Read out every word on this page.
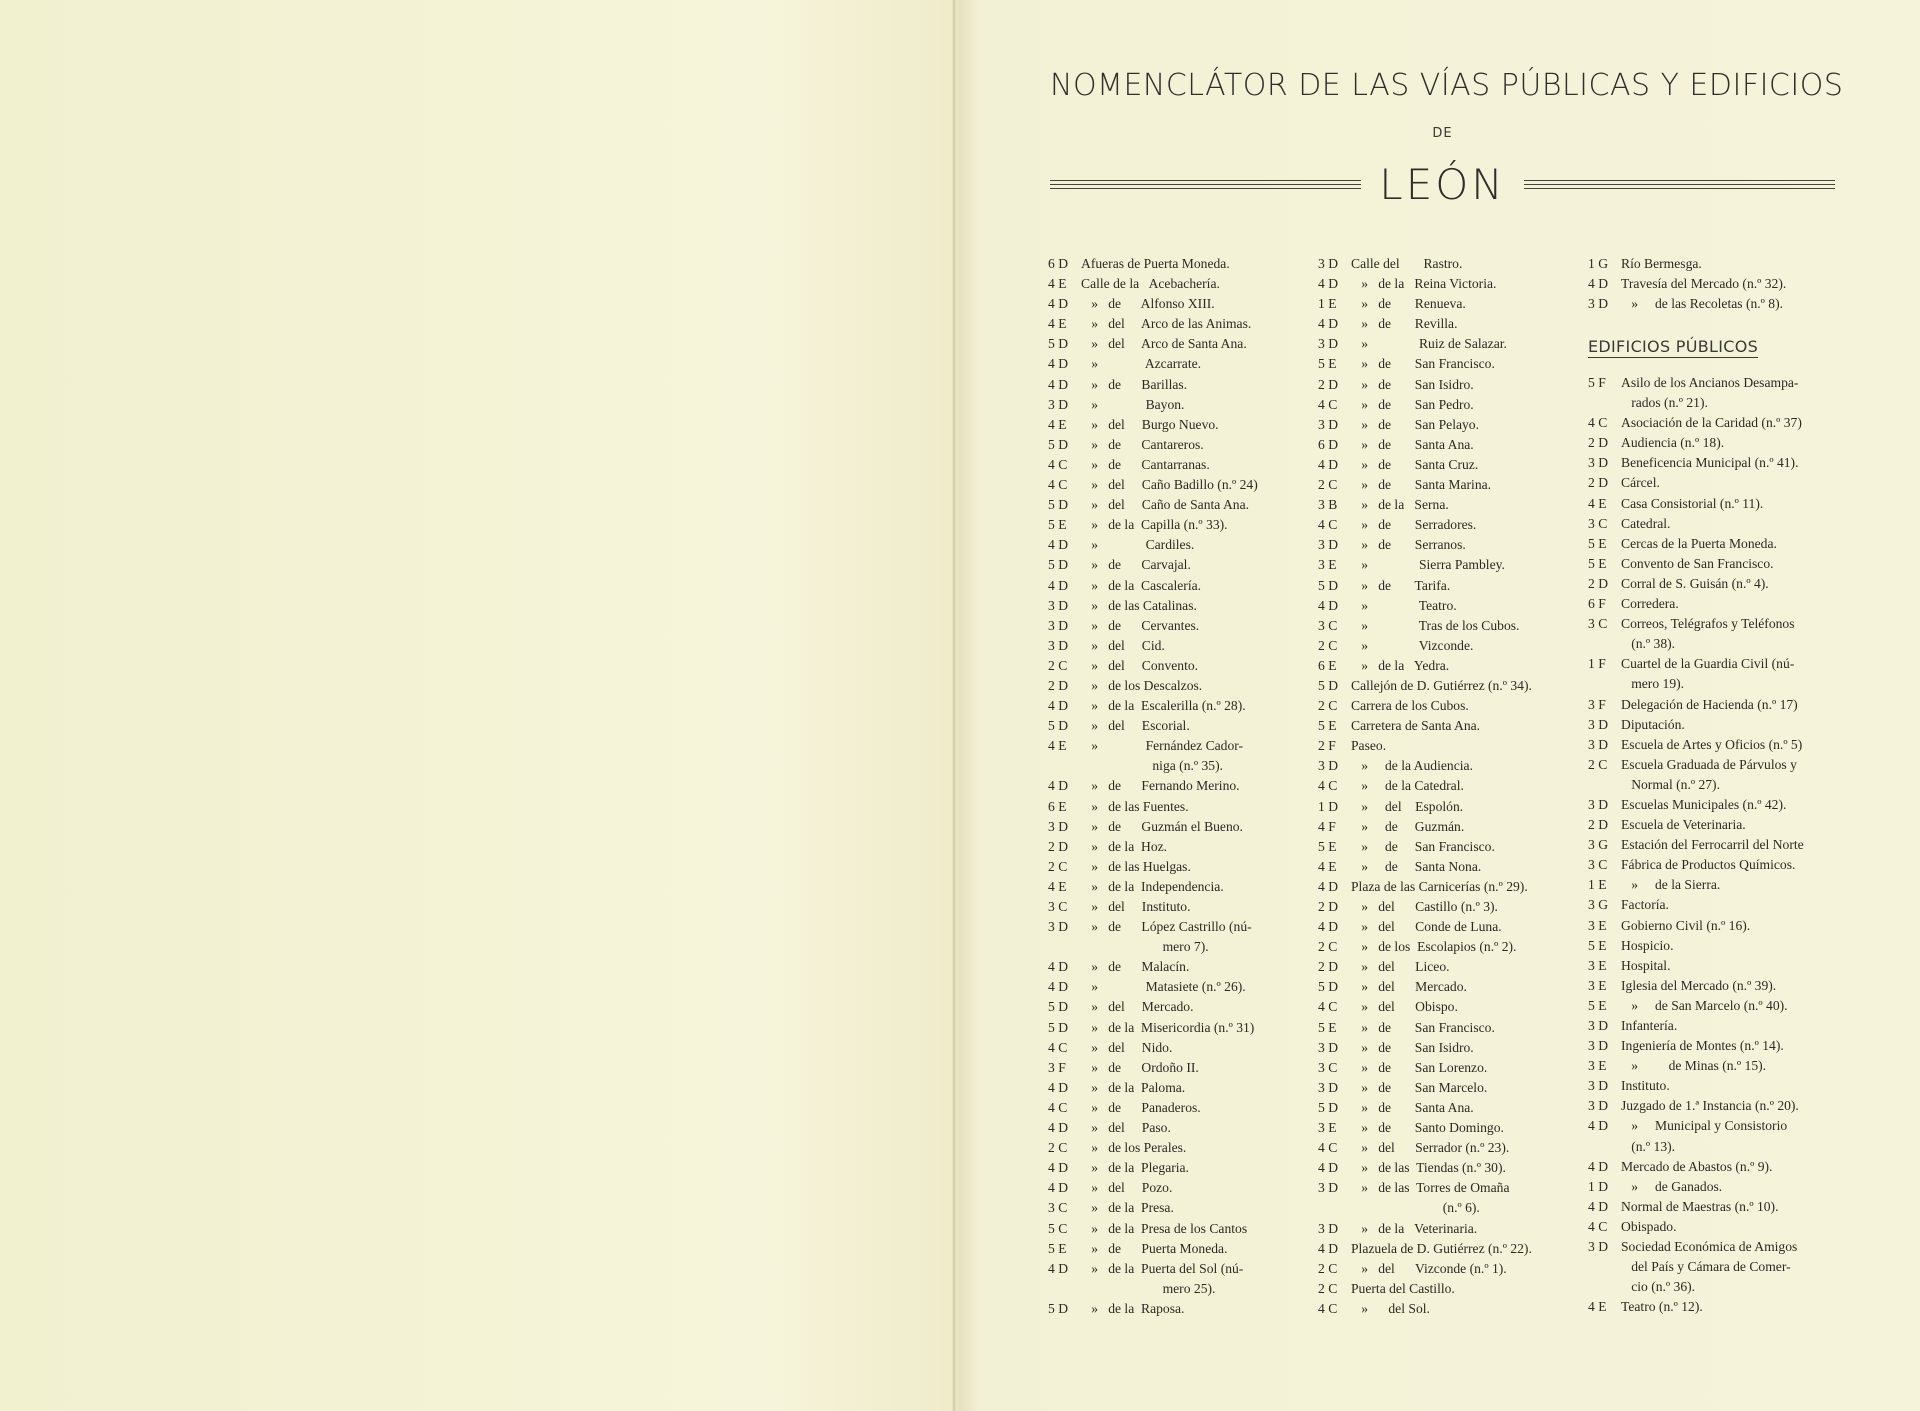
NOMENCLÁTOR DE LAS VÍAS PÚBLICAS Y EDIFICIOS
DE
LEÓN
6 D Afueras de Puerta Moneda.
4 E	Calle de la   Acebachería.
4 D »   de      Alfonso XIII.
4 E	»   del     Arco de las Animas.
5 D »   del     Arco de Santa Ana.
4 D »              Azcarrate.
4 D »   de      Barillas.
3 D »              Bayon.
4 E	»   del     Burgo Nuevo.
5 D »   de      Cantareros.
4 C	»   de      Cantarranas.
4 C	»   del     Caño Badillo (n.º 24)
5 D »   del     Caño de Santa Ana.
5 E	»   de la  Capilla (n.º 33).
4 D »              Cardiles.
5 D »   de      Carvajal.
4 D »   de la  Cascalería.
3 D »   de las Catalinas.
3 D »   de      Cervantes.
3 D »   del     Cid.
2 C	»   del     Convento.
2 D »   de los Descalzos.
4 D »   de la  Escalerilla (n.º 28).
5 D »   del     Escorial.
4 E	»              Fernández Cador-
niga (n.º 35).
4 D »   de      Fernando Merino.
6 E	»   de las Fuentes.
3 D »   de      Guzmán el Bueno.
2 D »   de la  Hoz.
2 C	»   de las Huelgas.
4 E	»   de la  Independencia.
3 C	»   del     Instituto.
3 D »   de      López Castrillo (nú-
mero 7).
4 D »   de      Malacín.
4 D »              Matasiete (n.º 26).
5 D »   del     Mercado.
5 D »   de la  Misericordia (n.º 31)
4 C	»   del     Nido.
3 F	»   de      Ordoño II.
4 D »   de la  Paloma.
4 C	»   de      Panaderos.
4 D »   del     Paso.
2 C	»   de los Perales.
4 D »   de la  Plegaria.
4 D »   del     Pozo.
3 C	»   de la  Presa.
5 C	»   de la  Presa de los Cantos
5 E	»   de      Puerta Moneda.
4 D »   de la  Puerta del Sol (nú-
mero 25).
5 D »   de la  Raposa.
3 D Calle del       Rastro.
4 D »   de la   Reina Victoria.
1 E	»   de       Renueva.
4 D »   de       Revilla.
3 D »               Ruiz de Salazar.
5 E	»   de       San Francisco.
2 D »   de       San Isidro.
4 C	»   de       San Pedro.
3 D »   de       San Pelayo.
6 D »   de       Santa Ana.
4 D »   de       Santa Cruz.
2 C	»   de       Santa Marina.
3 B	»   de la   Serna.
4 C	»   de       Serradores.
3 D »   de       Serranos.
3 E	»               Sierra Pambley.
5 D »   de       Tarifa.
4 D »               Teatro.
3 C	»               Tras de los Cubos.
2 C	»               Vizconde.
6 E	»   de la   Yedra.
5 D Callejón de D. Gutiérrez (n.º 34).
2 C	Carrera de los Cubos.
5 E	Carretera de Santa Ana.
2 F	Paseo.
3 D »     de la Audiencia.
4 C	»     de la Catedral.
1 D »     del    Espolón.
4 F	»     de     Guzmán.
5 E	»     de     San Francisco.
4 E	»     de     Santa Nona.
4 D Plaza de las Carnicerías (n.º 29).
2 D »   del      Castillo (n.º 3).
4 D »   del      Conde de Luna.
2 C	»   de los  Escolapios (n.º 2).
2 D »   del      Liceo.
5 D »   del      Mercado.
4 C	»   del      Obispo.
5 E	»   de       San Francisco.
3 D »   de       San Isidro.
3 C	»   de       San Lorenzo.
3 D »   de       San Marcelo.
5 D »   de       Santa Ana.
3 E	»   de       Santo Domingo.
4 C	»   del      Serrador (n.º 23).
4 D »   de las  Tiendas (n.º 30).
3 D »   de las  Torres de Omaña
(n.º 6).
3 D »   de la   Veterinaria.
4 D Plazuela de D. Gutiérrez (n.º 22).
2 C	»   del      Vizconde (n.º 1).
2 C	Puerta del Castillo.
4 C	»      del Sol.
1 G Río Bermesga.
4 D Travesía del Mercado (n.º 32).
3 D »     de las Recoletas (n.º 8).
EDIFICIOS PÚBLICOS
5 F	Asilo de los Ancianos Desampa-
rados (n.º 21).
4 C	Asociación de la Caridad (n.º 37)
2 D Audiencia (n.º 18).
3 D Beneficencia Municipal (n.º 41).
2 D Cárcel.
4 E	Casa Consistorial (n.º 11).
3 C	Catedral.
5 E	Cercas de la Puerta Moneda.
5 E	Convento de San Francisco.
2 D Corral de S. Guisán (n.º 4).
6 F	Corredera.
3 C	Correos, Telégrafos y Teléfonos
(n.º 38).
1 F	Cuartel de la Guardia Civil (nú-
mero 19).
3 F	Delegación de Hacienda (n.º 17)
3 D Diputación.
3 D Escuela de Artes y Oficios (n.º 5)
2 C	Escuela Graduada de Párvulos y
Normal (n.º 27).
3 D Escuelas Municipales (n.º 42).
2 D Escuela de Veterinaria.
3 G Estación del Ferrocarril del Norte
3 C	Fábrica de Productos Químicos.
1 E	»     de la Sierra.
3 G Factoría.
3 E	Gobierno Civil (n.º 16).
5 E	Hospicio.
3 E	Hospital.
3 E	Iglesia del Mercado (n.º 39).
5 E	»     de San Marcelo (n.º 40).
3 D Infantería.
3 D Ingeniería de Montes (n.º 14).
3 E	»         de Minas (n.º 15).
3 D Instituto.
3 D Juzgado de 1.ª Instancia (n.º 20).
4 D »     Municipal y Consistorio
(n.º 13).
4 D Mercado de Abastos (n.º 9).
1 D »     de Ganados.
4 D Normal de Maestras (n.º 10).
4 C	Obispado.
3 D Sociedad Económica de Amigos
del País y Cámara de Comer-
cio (n.º 36).
4 E	Teatro (n.º 12).
